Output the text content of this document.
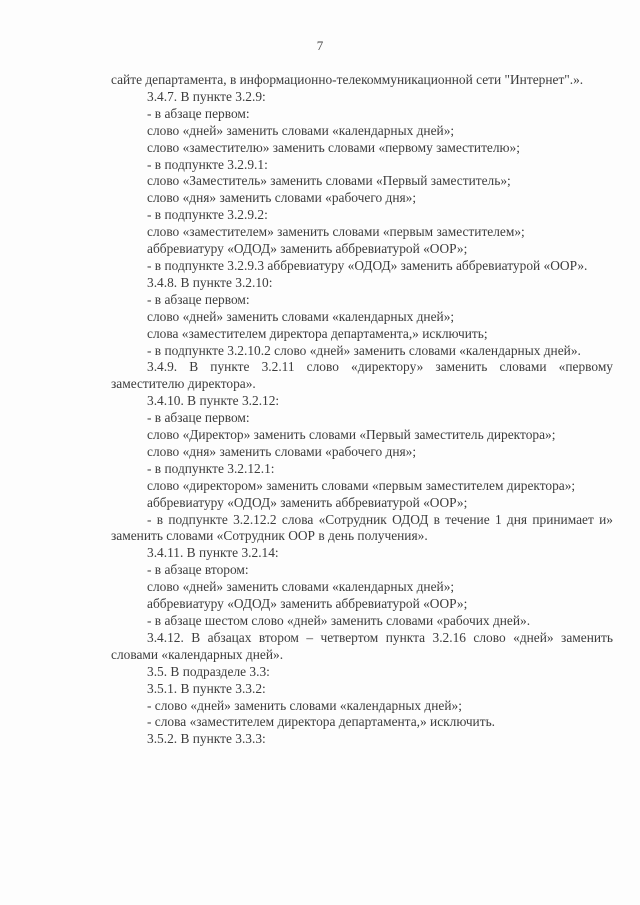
7

сайте департамента, в информационно-телекоммуникационной сети "Интернет".».

3.4.7. В пункте 3.2.9:

- в абзаце первом:

слово «дней» заменить словами «календарных дней»;

слово «заместителю» заменить словами «первому заместителю»;

- в подпункте 3.2.9.1:

слово «Заместитель» заменить словами «Первый заместитель»;

слово «дня» заменить словами «рабочего дня»;

- в подпункте 3.2.9.2:

слово «заместителем» заменить словами «первым заместителем»;

аббревиатуру «ОДОД» заменить аббревиатурой «ООР»;

- в подпункте 3.2.9.3 аббревиатуру «ОДОД» заменить аббревиатурой «ООР».

3.4.8. В пункте 3.2.10:

- в абзаце первом:

слово «дней» заменить словами «календарных дней»;

слова «заместителем директора департамента,» исключить;

- в подпункте 3.2.10.2 слово «дней» заменить словами «календарных дней».

3.4.9. В пункте 3.2.11 слово «директору» заменить словами «первому заместителю директора».

3.4.10. В пункте 3.2.12:

- в абзаце первом:

слово «Директор» заменить словами «Первый заместитель директора»;

слово «дня» заменить словами «рабочего дня»;

- в подпункте 3.2.12.1:

слово «директором» заменить словами «первым заместителем директора»;

аббревиатуру «ОДОД» заменить аббревиатурой «ООР»;

- в подпункте 3.2.12.2 слова «Сотрудник ОДОД в течение 1 дня принимает и» заменить словами «Сотрудник ООР в день получения».

3.4.11. В пункте 3.2.14:

- в абзаце втором:

слово «дней» заменить словами «календарных дней»;

аббревиатуру «ОДОД» заменить аббревиатурой «ООР»;

- в абзаце шестом слово «дней» заменить словами «рабочих дней».

3.4.12. В абзацах втором – четвертом пункта 3.2.16 слово «дней» заменить словами «календарных дней».

3.5. В подразделе 3.3:

3.5.1. В пункте 3.3.2:

- слово «дней» заменить словами «календарных дней»;

- слова «заместителем директора департамента,» исключить.

3.5.2. В пункте 3.3.3:
